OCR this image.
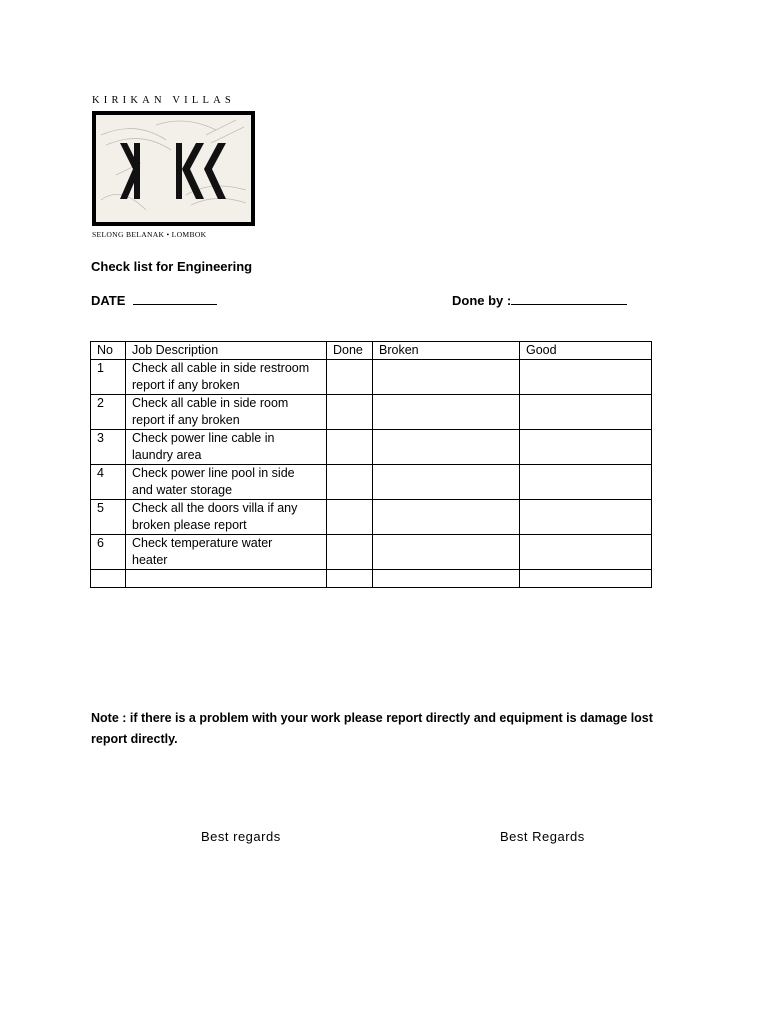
KIRIKAN VILLAS
SELONG BELANAK • LOMBOK
Check list for Engineering
DATE	Done by :
No	Job Description	Done	Broken	Good
1	Check all cable in side restroom
report if any broken			

2	Check all cable in side room
report if any broken			

3	Check power line cable in
laundry area			

4	Check power line pool in side
and water storage			

5	Check all the doors villa if any
broken please report			

6	Check temperature water
heater			

Note : if there is a problem with your work please report directly and equipment is damage lost report directly.
Best regards	Best Regards
